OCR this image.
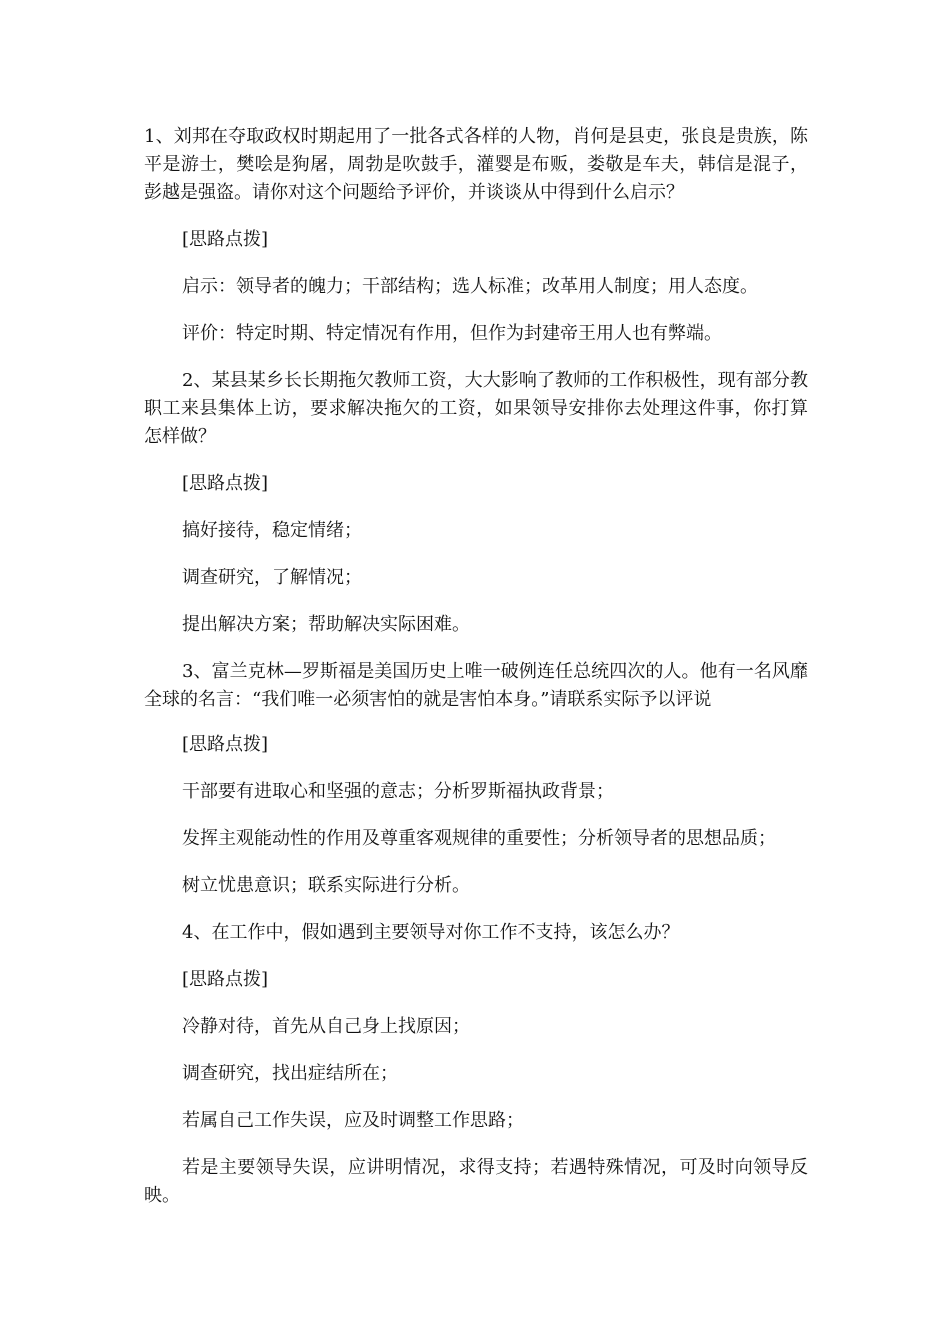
1、刘邦在夺取政权时期起用了一批各式各样的人物，肖何是县吏，张良是贵族，陈平是游士，樊哙是狗屠，周勃是吹鼓手，灌婴是布贩，娄敬是车夫，韩信是混子，彭越是强盗。请你对这个问题给予评价，并谈谈从中得到什么启示？

[思路点拨]

启示：领导者的魄力；干部结构；选人标准；改革用人制度；用人态度。

评价：特定时期、特定情况有作用，但作为封建帝王用人也有弊端。

2、某县某乡长长期拖欠教师工资，大大影响了教师的工作积极性，现有部分教职工来县集体上访，要求解决拖欠的工资，如果领导安排你去处理这件事，你打算怎样做？

[思路点拨]

搞好接待，稳定情绪；

调查研究，了解情况；

提出解决方案；帮助解决实际困难。

3、富兰克林—罗斯福是美国历史上唯一破例连任总统四次的人。他有一名风靡全球的名言：“我们唯一必须害怕的就是害怕本身。”请联系实际予以评说

[思路点拨]

干部要有进取心和坚强的意志；分析罗斯福执政背景；

发挥主观能动性的作用及尊重客观规律的重要性；分析领导者的思想品质；

树立忧患意识；联系实际进行分析。

4、在工作中，假如遇到主要领导对你工作不支持，该怎么办？

[思路点拨]

冷静对待，首先从自己身上找原因；

调查研究，找出症结所在；

若属自己工作失误，应及时调整工作思路；

若是主要领导失误，应讲明情况，求得支持；若遇特殊情况，可及时向领导反映。
